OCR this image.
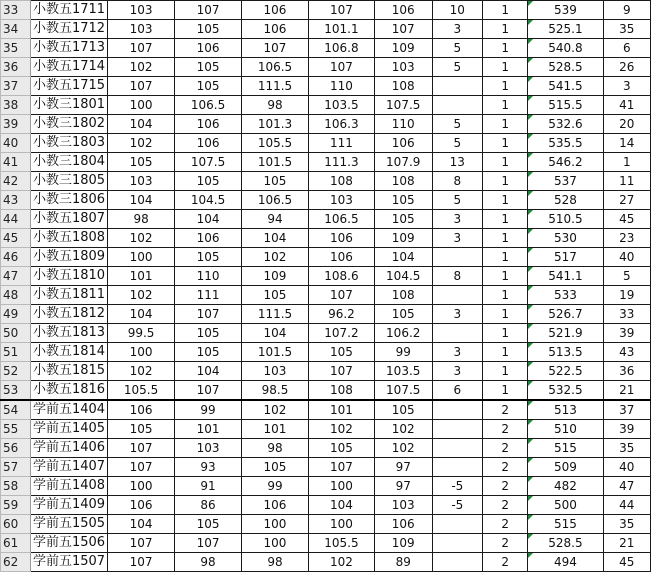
33	小教五1711	103	107	106	107	106	10	1	539	9
34	小教五1712	103	105	106	101.1	107	3	1	525.1	35
35	小教五1713	107	106	107	106.8	109	5	1	540.8	6
36	小教五1714	102	105	106.5	107	103	5	1	528.5	26
37	小教五1715	107	105	111.5	110	108		1	541.5	3
38	小教三1801	100	106.5	98	103.5	107.5		1	515.5	41
39	小教三1802	104	106	101.3	106.3	110	5	1	532.6	20
40	小教三1803	102	106	105.5	111	106	5	1	535.5	14
41	小教三1804	105	107.5	101.5	111.3	107.9	13	1	546.2	1
42	小教三1805	103	105	105	108	108	8	1	537	11
43	小教三1806	104	104.5	106.5	103	105	5	1	528	27
44	小教五1807	98	104	94	106.5	105	3	1	510.5	45
45	小教五1808	102	106	104	106	109	3	1	530	23
46	小教五1809	100	105	102	106	104		1	517	40
47	小教五1810	101	110	109	108.6	104.5	8	1	541.1	5
48	小教五1811	102	111	105	107	108		1	533	19
49	小教五1812	104	107	111.5	96.2	105	3	1	526.7	33
50	小教五1813	99.5	105	104	107.2	106.2		1	521.9	39
51	小教五1814	100	105	101.5	105	99	3	1	513.5	43
52	小教五1815	102	104	103	107	103.5	3	1	522.5	36
53	小教五1816	105.5	107	98.5	108	107.5	6	1	532.5	21
54	学前五1404	106	99	102	101	105		2	513	37
55	学前五1405	105	101	101	102	102		2	510	39
56	学前五1406	107	103	98	105	102		2	515	35
57	学前五1407	107	93	105	107	97		2	509	40
58	学前五1408	100	91	99	100	97	-5	2	482	47
59	学前五1409	106	86	106	104	103	-5	2	500	44
60	学前五1505	104	105	100	100	106		2	515	35
61	学前五1506	107	107	100	105.5	109		2	528.5	21
62	学前五1507	107	98	98	102	89		2	494	45
